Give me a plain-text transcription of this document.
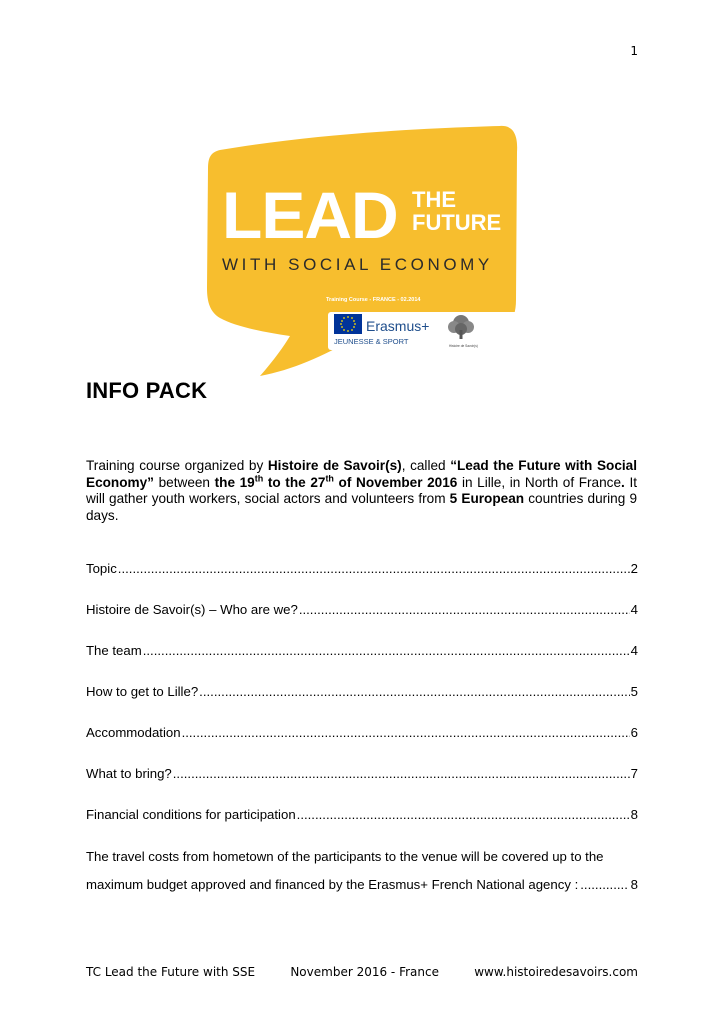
1
LEAD THE
FUTURE
WITH SOCIAL ECONOMY
Training Course - FRANCE - 02.2014
Erasmus+
JEUNESSE & SPORT	Histoire de Savoir(s)
INFO PACK
Training course organized by Histoire de Savoir(s), called “Lead the Future with Social Economy” between the 19th to the 27th of November 2016 in Lille, in North of France. It will gather youth workers, social actors and volunteers from 5 European countries during 9 days.
Topic .....	2
Histoire de Savoir(s) – Who are we? .....	4
The team .....	4
How to get to Lille? .....	5
Accommodation .....	6
What to bring? .....	7
Financial conditions for participation .....	8
The travel costs from hometown of the participants to the venue will be covered up to the
maximum budget approved and financed by the Erasmus+ French National agency : .....	8
TC Lead the Future with SSE	November 2016 - France	www.histoiredesavoirs.com
